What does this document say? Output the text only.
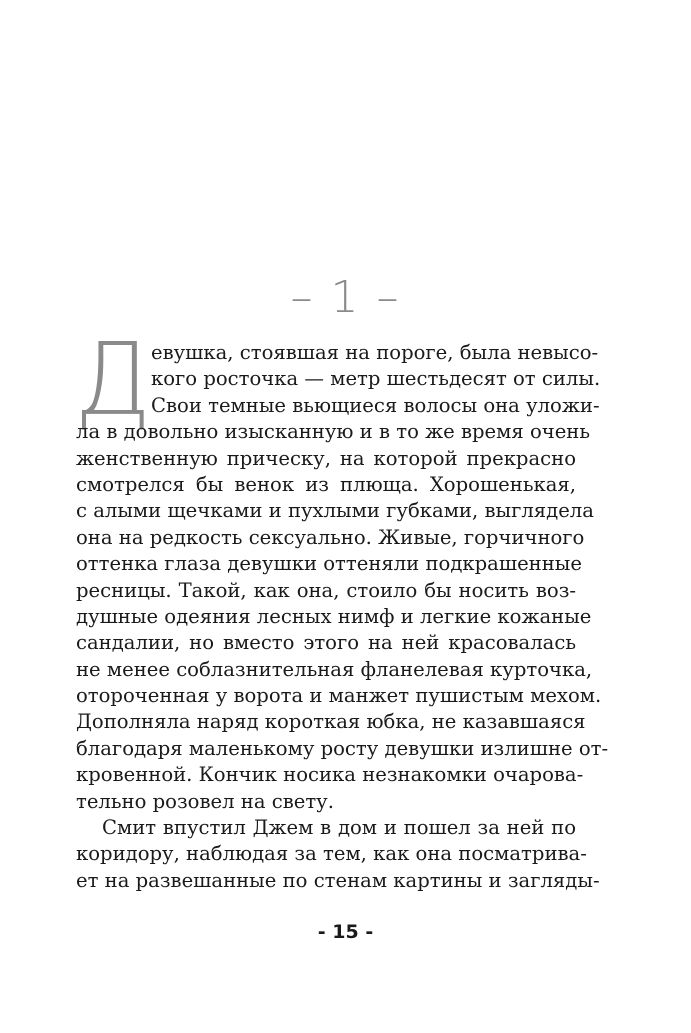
– 1 –
Д евушка, стоявшая на пороге, была невысо-
кого росточка — метр шестьдесят от силы.
Свои темные вьющиеся волосы она уложи-
ла в довольно изысканную и в то же время очень
женственную прическу, на которой прекрасно
смотрелся бы венок из плюща. Хорошенькая,
с алыми щечками и пухлыми губками, выглядела
она на редкость сексуально. Живые, горчичного
оттенка глаза девушки оттеняли подкрашенные
ресницы. Такой, как она, стоило бы носить воз-
душные одеяния лесных нимф и легкие кожаные
сандалии, но вместо этого на ней красовалась
не менее соблазнительная фланелевая курточка,
отороченная у ворота и манжет пушистым мехом.
Дополняла наряд короткая юбка, не казавшаяся
благодаря маленькому росту девушки излишне от-
кровенной. Кончик носика незнакомки очарова-
тельно розовел на свету.
Смит впустил Джем в дом и пошел за ней по
коридору, наблюдая за тем, как она посматрива-
ет на развешанные по стенам картины и загляды-
- 15 -
